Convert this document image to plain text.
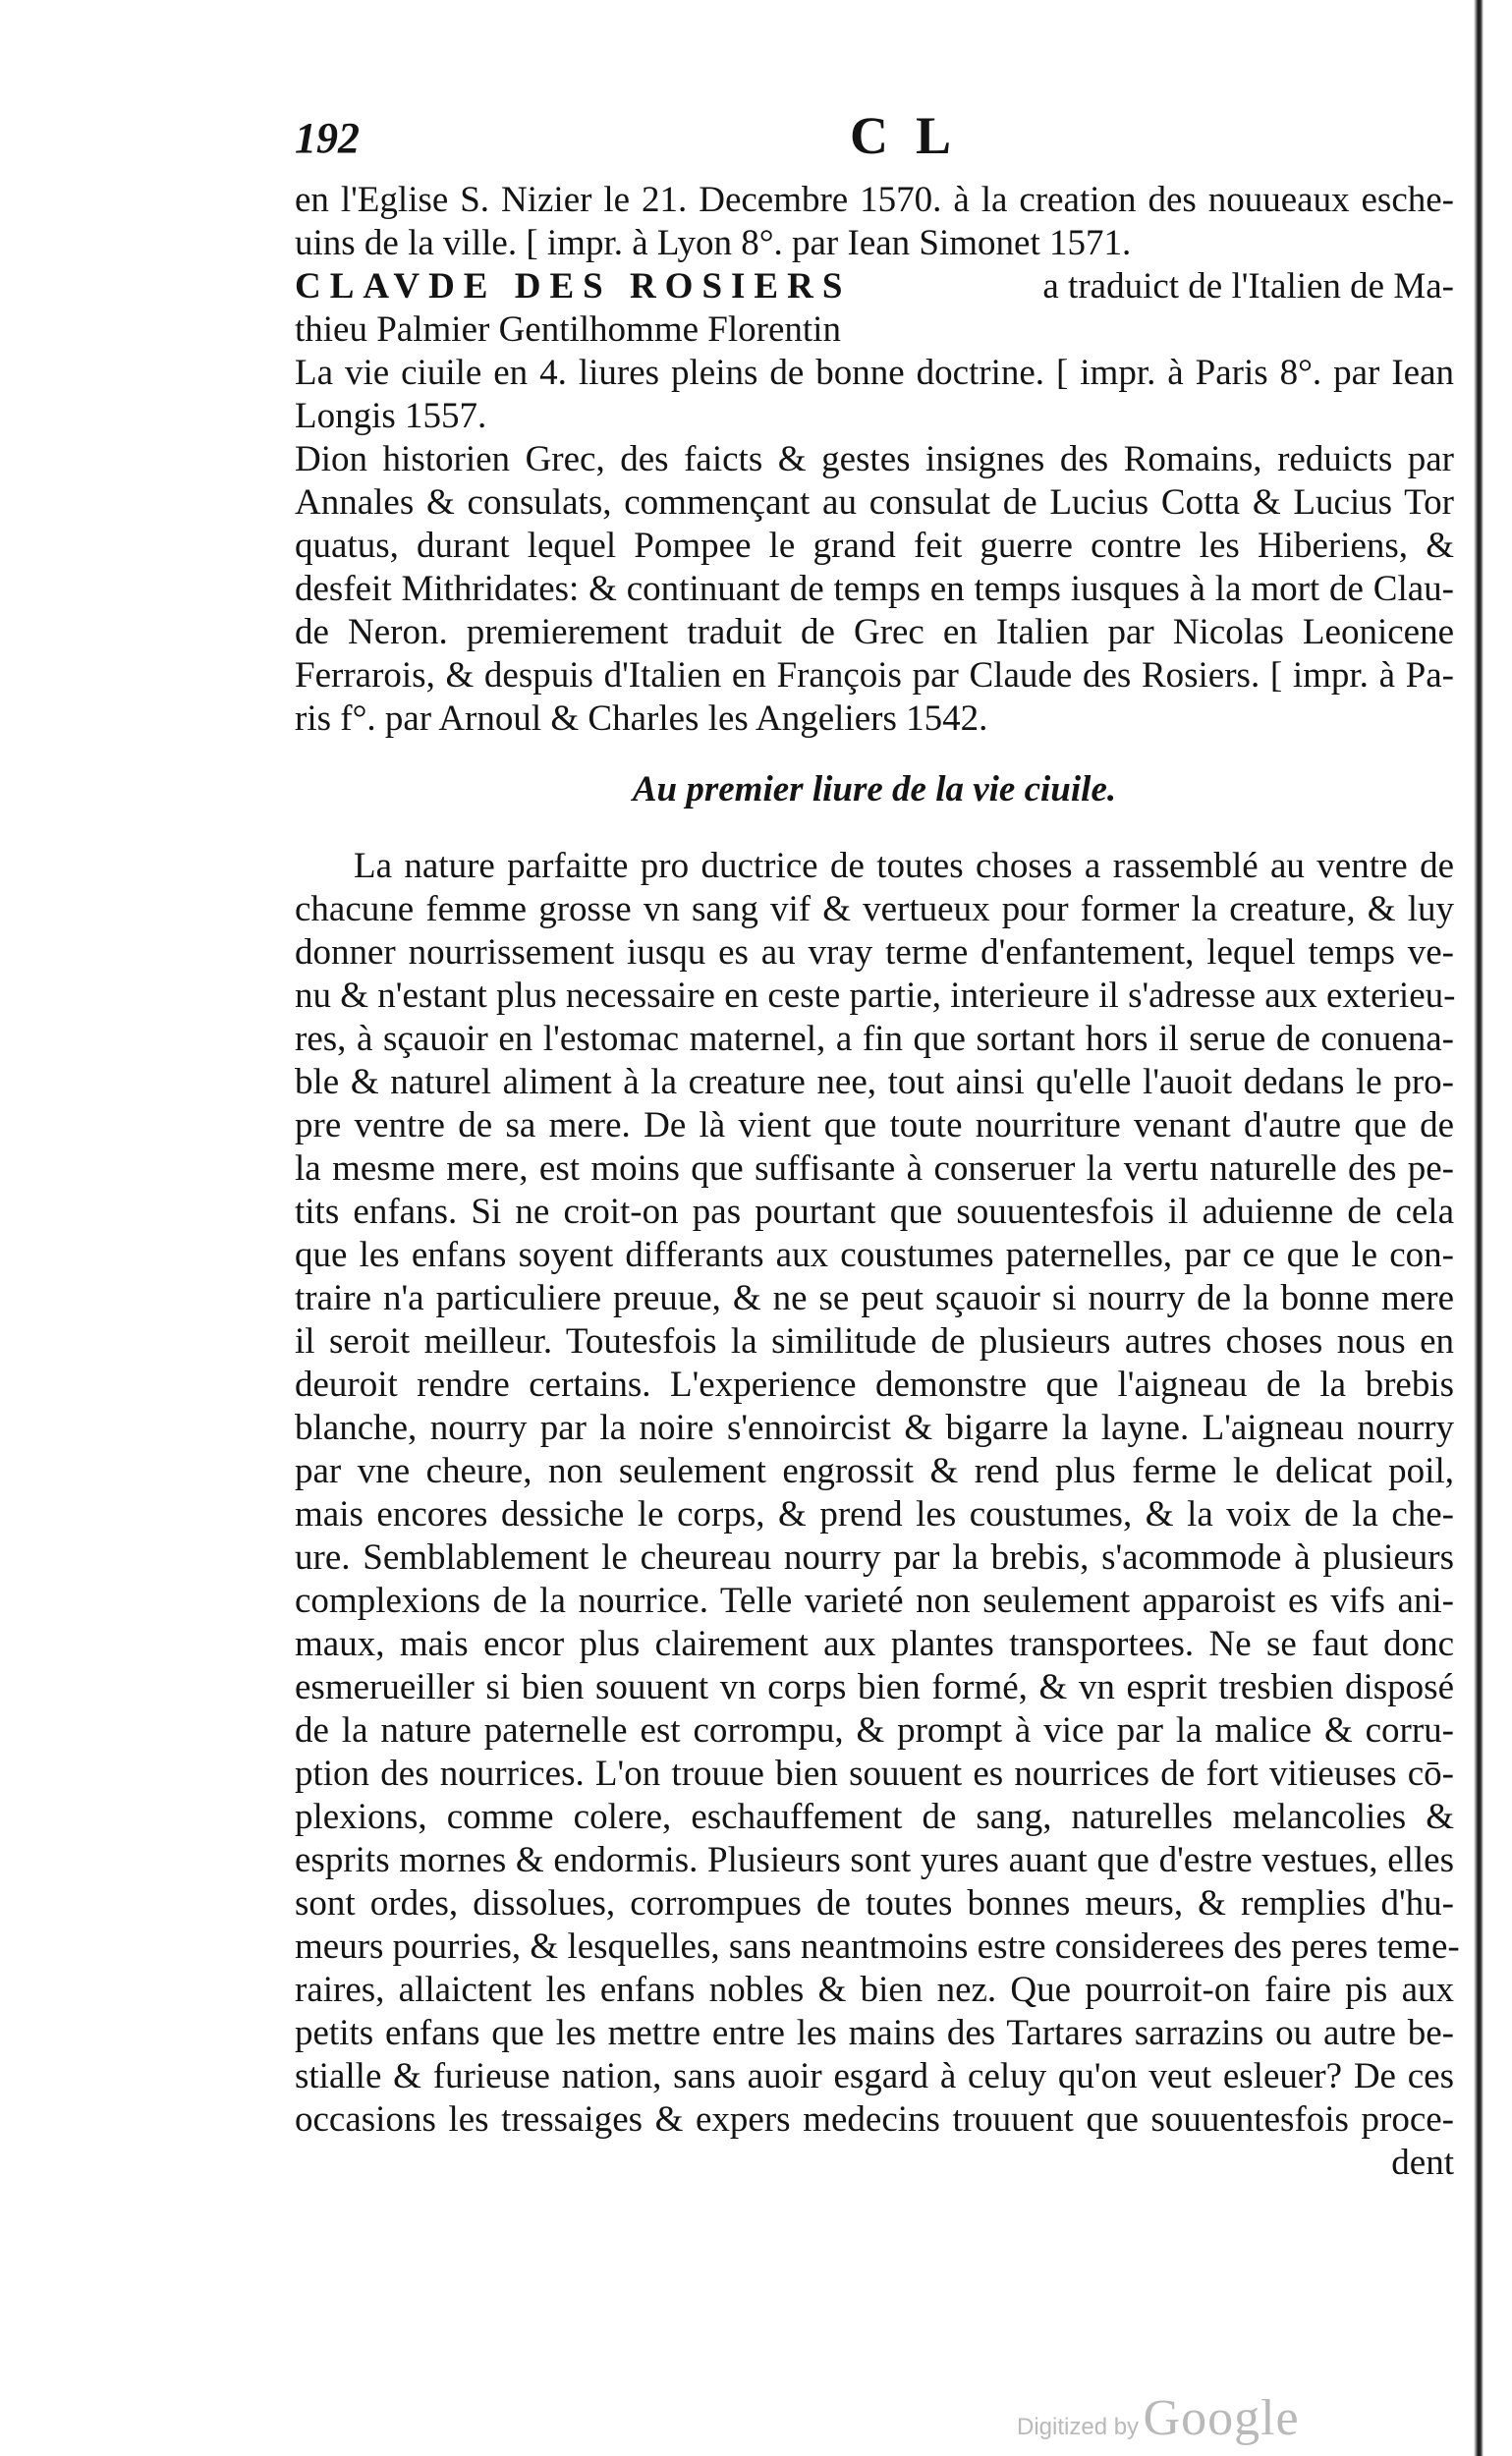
192	CL
en l'Eglise S. Nizier le 21. Decembre 1570. à la creation des nouueaux esche-
uins de la ville. [ impr. à Lyon 8°. par Iean Simonet 1571.
CLAVDE DES ROSIERS	a traduict de l'Italien de Ma-
thieu Palmier Gentilhomme Florentin
La vie ciuile en 4. liures pleins de bonne doctrine. [ impr. à Paris 8°. par Iean
Longis 1557.
Dion historien Grec, des faicts & gestes insignes des Romains, reduicts par
Annales & consulats, commençant au consulat de Lucius Cotta & Lucius Tor
quatus, durant lequel Pompee le grand feit guerre contre les Hiberiens, &
desfeit Mithridates: & continuant de temps en temps iusques à la mort de Clau-
de Neron. premierement traduit de Grec en Italien par Nicolas Leonicene
Ferrarois, & despuis d'Italien en François par Claude des Rosiers. [ impr. à Pa-
ris f°. par Arnoul & Charles les Angeliers 1542.
Au premier liure de la vie ciuile.
La nature parfaitte pro ductrice de toutes choses a rassemblé au ventre de
chacune femme grosse vn sang vif & vertueux pour former la creature, & luy
donner nourrissement iusqu es au vray terme d'enfantement, lequel temps ve-
nu & n'estant plus necessaire en ceste partie, interieure il s'adresse aux exterieu-
res, à sçauoir en l'estomac maternel, a fin que sortant hors il serue de conuena-
ble & naturel aliment à la creature nee, tout ainsi qu'elle l'auoit dedans le pro-
pre ventre de sa mere. De là vient que toute nourriture venant d'autre que de
la mesme mere, est moins que suffisante à conseruer la vertu naturelle des pe-
tits enfans. Si ne croit-on pas pourtant que souuentesfois il aduienne de cela
que les enfans soyent differants aux coustumes paternelles, par ce que le con-
traire n'a particuliere preuue, & ne se peut sçauoir si nourry de la bonne mere
il seroit meilleur. Toutesfois la similitude de plusieurs autres choses nous en
deuroit rendre certains. L'experience demonstre que l'aigneau de la brebis
blanche, nourry par la noire s'ennoircist & bigarre la layne. L'aigneau nourry
par vne cheure, non seulement engrossit & rend plus ferme le delicat poil,
mais encores dessiche le corps, & prend les coustumes, & la voix de la che-
ure. Semblablement le cheureau nourry par la brebis, s'acommode à plusieurs
complexions de la nourrice. Telle varieté non seulement apparoist es vifs ani-
maux, mais encor plus clairement aux plantes transportees. Ne se faut donc
esmerueiller si bien souuent vn corps bien formé, & vn esprit tresbien disposé
de la nature paternelle est corrompu, & prompt à vice par la malice & corru-
ption des nourrices. L'on trouue bien souuent es nourrices de fort vitieuses cō-
plexions, comme colere, eschauffement de sang, naturelles melancolies &
esprits mornes & endormis. Plusieurs sont yures auant que d'estre vestues, elles
sont ordes, dissolues, corrompues de toutes bonnes meurs, & remplies d'hu-
meurs pourries, & lesquelles, sans neantmoins estre considerees des peres teme-
raires, allaictent les enfans nobles & bien nez. Que pourroit-on faire pis aux
petits enfans que les mettre entre les mains des Tartares sarrazins ou autre be-
stialle & furieuse nation, sans auoir esgard à celuy qu'on veut esleuer? De ces
occasions les tressaiges & expers medecins trouuent que souuentesfois proce-
dent
Digitized by Google
